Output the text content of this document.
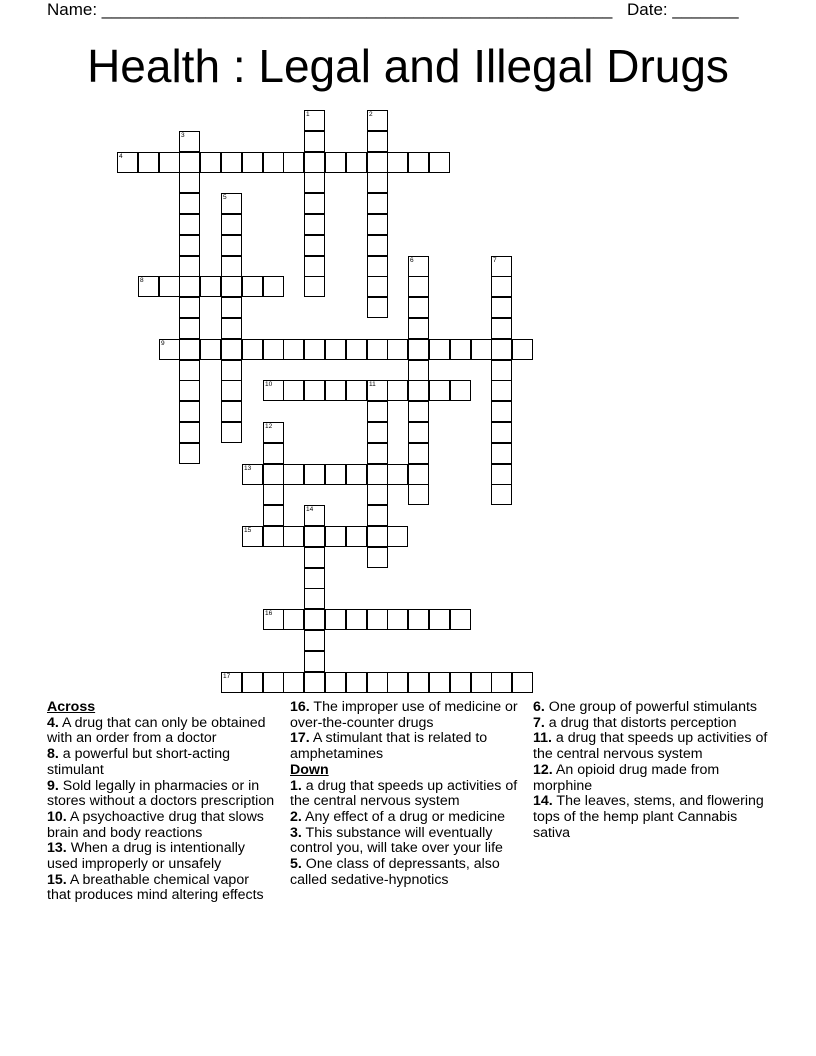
Name: ______________________________________________________ Date: _______
Health : Legal and Illegal Drugs
1	2
3
4
5
6	7
8
9
10	11
12
13
14
15
16
17
Across
4. A drug that can only be obtained with an order from a doctor
8. a powerful but short-acting stimulant
9. Sold legally in pharmacies or in stores without a doctors prescription
10. A psychoactive drug that slows brain and body reactions
13. When a drug is intentionally used improperly or unsafely
15. A breathable chemical vapor that produces mind altering effects
16. The improper use of medicine or over-the-counter drugs
17. A stimulant that is related to amphetamines
Down
1. a drug that speeds up activities of the central nervous system
2. Any effect of a drug or medicine
3. This substance will eventually control you, will take over your life
5. One class of depressants, also called sedative-hypnotics
6. One group of powerful stimulants
7. a drug that distorts perception
11. a drug that speeds up activities of the central nervous system
12. An opioid drug made from morphine
14. The leaves, stems, and flowering tops of the hemp plant Cannabis sativa
